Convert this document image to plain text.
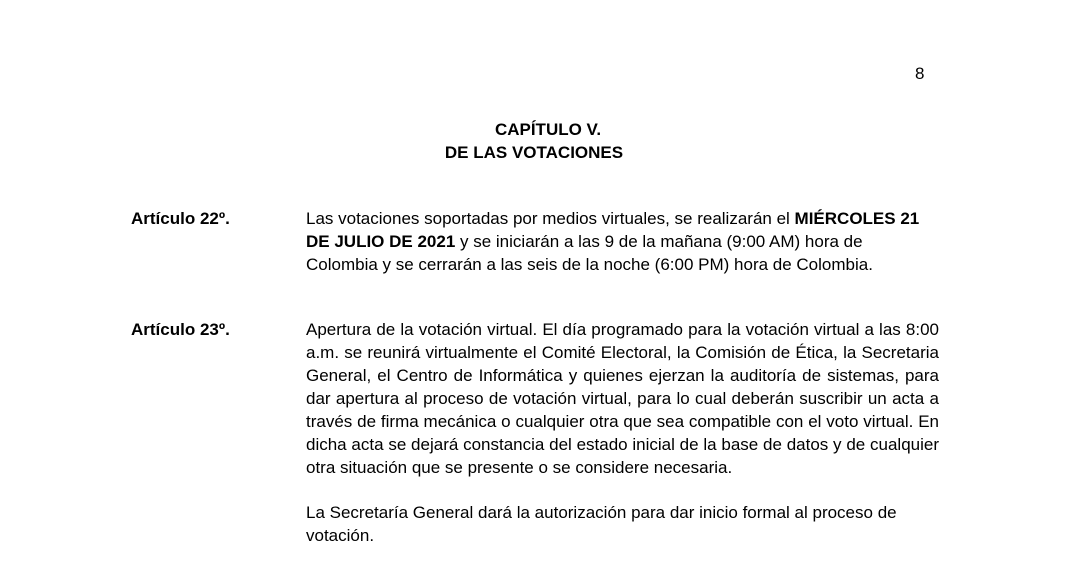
8
CAPÍTULO V.
DE LAS VOTACIONES
Artículo 22º.	Las votaciones soportadas por medios virtuales, se realizarán el MIÉRCOLES 21 DE JULIO DE 2021 y se iniciarán a las 9 de la mañana (9:00 AM) hora de Colombia y se cerrarán a las seis de la noche (6:00 PM) hora de Colombia.

Artículo 23º.	Apertura de la votación virtual. El día programado para la votación virtual a las 8:00 a.m. se reunirá virtualmente el Comité Electoral, la Comisión de Ética, la Secretaria General, el Centro de Informática y quienes ejerzan la auditoría de sistemas, para dar apertura al proceso de votación virtual, para lo cual deberán suscribir un acta a través de firma mecánica o cualquier otra que sea compatible con el voto virtual. En dicha acta se dejará constancia del estado inicial de la base de datos y de cualquier otra situación que se presente o se considere necesaria.

La Secretaría General dará la autorización para dar inicio formal al proceso de votación.
